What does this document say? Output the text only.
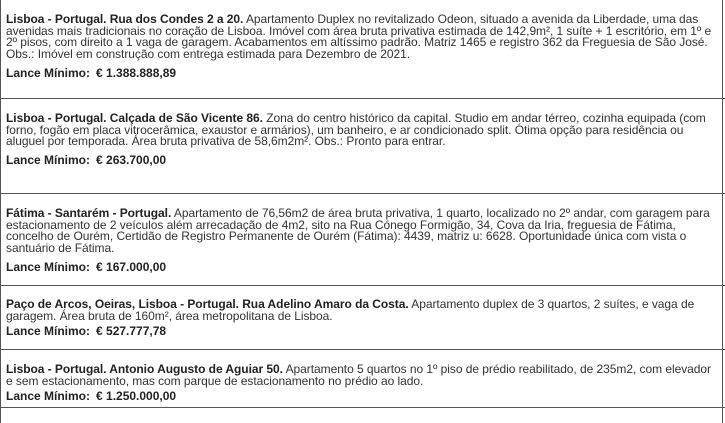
Lisboa - Portugal. Rua dos Condes 2 a 20. Apartamento Duplex no revitalizado Odeon, situado a avenida da Liberdade, uma das avenidas mais tradicionais no coração de Lisboa. Imóvel com área bruta privativa estimada de 142,9m², 1 suíte + 1 escritório, em 1º e 2º pisos, com direito a 1 vaga de garagem. Acabamentos em altíssimo padrão. Matriz 1465 e registro 362 da Freguesia de São José. Obs.: Imóvel em construção com entrega estimada para Dezembro de 2021.
Lance Mínimo: € 1.388.888,89
Lisboa - Portugal. Calçada de São Vicente 86. Zona do centro histórico da capital. Studio em andar térreo, cozinha equipada (com forno, fogão em placa vitrocerâmica, exaustor e armários), um banheiro, e ar condicionado split. Ótima opção para residência ou aluguel por temporada. Área bruta privativa de 58,6m2m². Obs.: Pronto para entrar.
Lance Mínimo: € 263.700,00
Fátima - Santarém - Portugal. Apartamento de 76,56m2 de área bruta privativa, 1 quarto, localizado no 2º andar, com garagem para estacionamento de 2 veículos além arrecadação de 4m2, sito na Rua Cónego Formigão, 34, Cova da Iria, freguesia de Fátima, concelho de Ourém, Certidão de Registro Permanente de Ourém (Fátima): 4439, matriz u: 6628. Oportunidade única com vista o santuário de Fátima.
Lance Mínimo: € 167.000,00
Paço de Arcos, Oeiras, Lisboa - Portugal. Rua Adelino Amaro da Costa. Apartamento duplex de 3 quartos, 2 suítes, e vaga de garagem. Área bruta de 160m², área metropolitana de Lisboa.
Lance Mínimo: € 527.777,78
Lisboa - Portugal. Antonio Augusto de Aguiar 50. Apartamento 5 quartos no 1º piso de prédio reabilitado, de 235m2, com elevador e sem estacionamento, mas com parque de estacionamento no prédio ao lado.
Lance Mínimo: € 1.250.000,00
